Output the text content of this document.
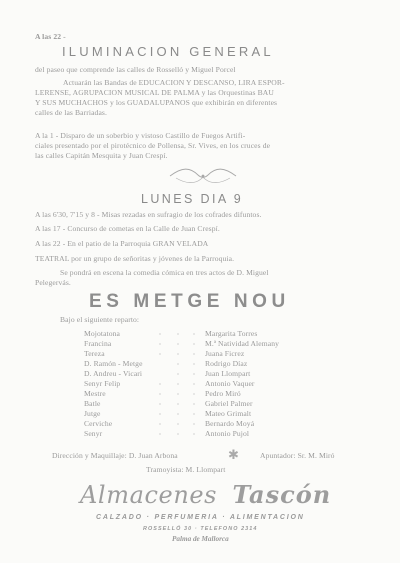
A las 22 -
ILUMINACION GENERAL
del paseo que comprende las calles de Rosselló y Miguel Porcel
Actuarán las Bandas de EDUCACION Y DESCANSO, LIRA ESPOR-
LERENSE, AGRUPACION MUSICAL DE PALMA y las Orquestinas BAU
Y SUS MUCHACHOS y los GUADALUPANOS que exhibirán en diferentes
calles de las Barriadas.
A la 1 - Disparo de un soberbio y vistoso Castillo de Fuegos Artifi-
ciales presentado por el pirotécnico de Pollensa, Sr. Vives, en los cruces de
las calles Capitán Mesquita y Juan Crespí.
LUNES DIA 9
A las 6'30, 7'15 y 8 - Misas rezadas en sufragio de los cofrades difuntos.
A las 17 - Concurso de cometas en la Calle de Juan Crespí.
A las 22 - En el patio de la Parroquia GRAN VELADA
TEATRAL por un grupo de señoritas y jóvenes de la Parroquia.
Se pondrá en escena la comedia cómica en tres actos de D. Miguel
Pelegervás.
ES METGE NOU
Bajo el siguiente reparto:
Mojotatona	Margarita Torres
Francina	M.ª Natividad Alemany
Tereza	Juana Ficrez
D. Ramón - Metge	Rodrigo Díaz
D. Andreu - Vicari	Juan Llompart
Senyr Felip	Antonio Vaquer
Mestre	Pedro Miró
Batle	Gabriel Palmer
Jutge	Mateo Grimalt
Cerviche	Bernardo Moyá
Senyr	Antonio Pujol
Dirección y Maquillaje: D. Juan Arbona	✱	Apuntador: Sr. M. Miró
Tramoyista: M. Llompart
Almacenes Tascón
CALZADO · PERFUMERIA · ALIMENTACION
ROSSELLÓ 30 · TELEFONO 2314
Palma de Mallorca
